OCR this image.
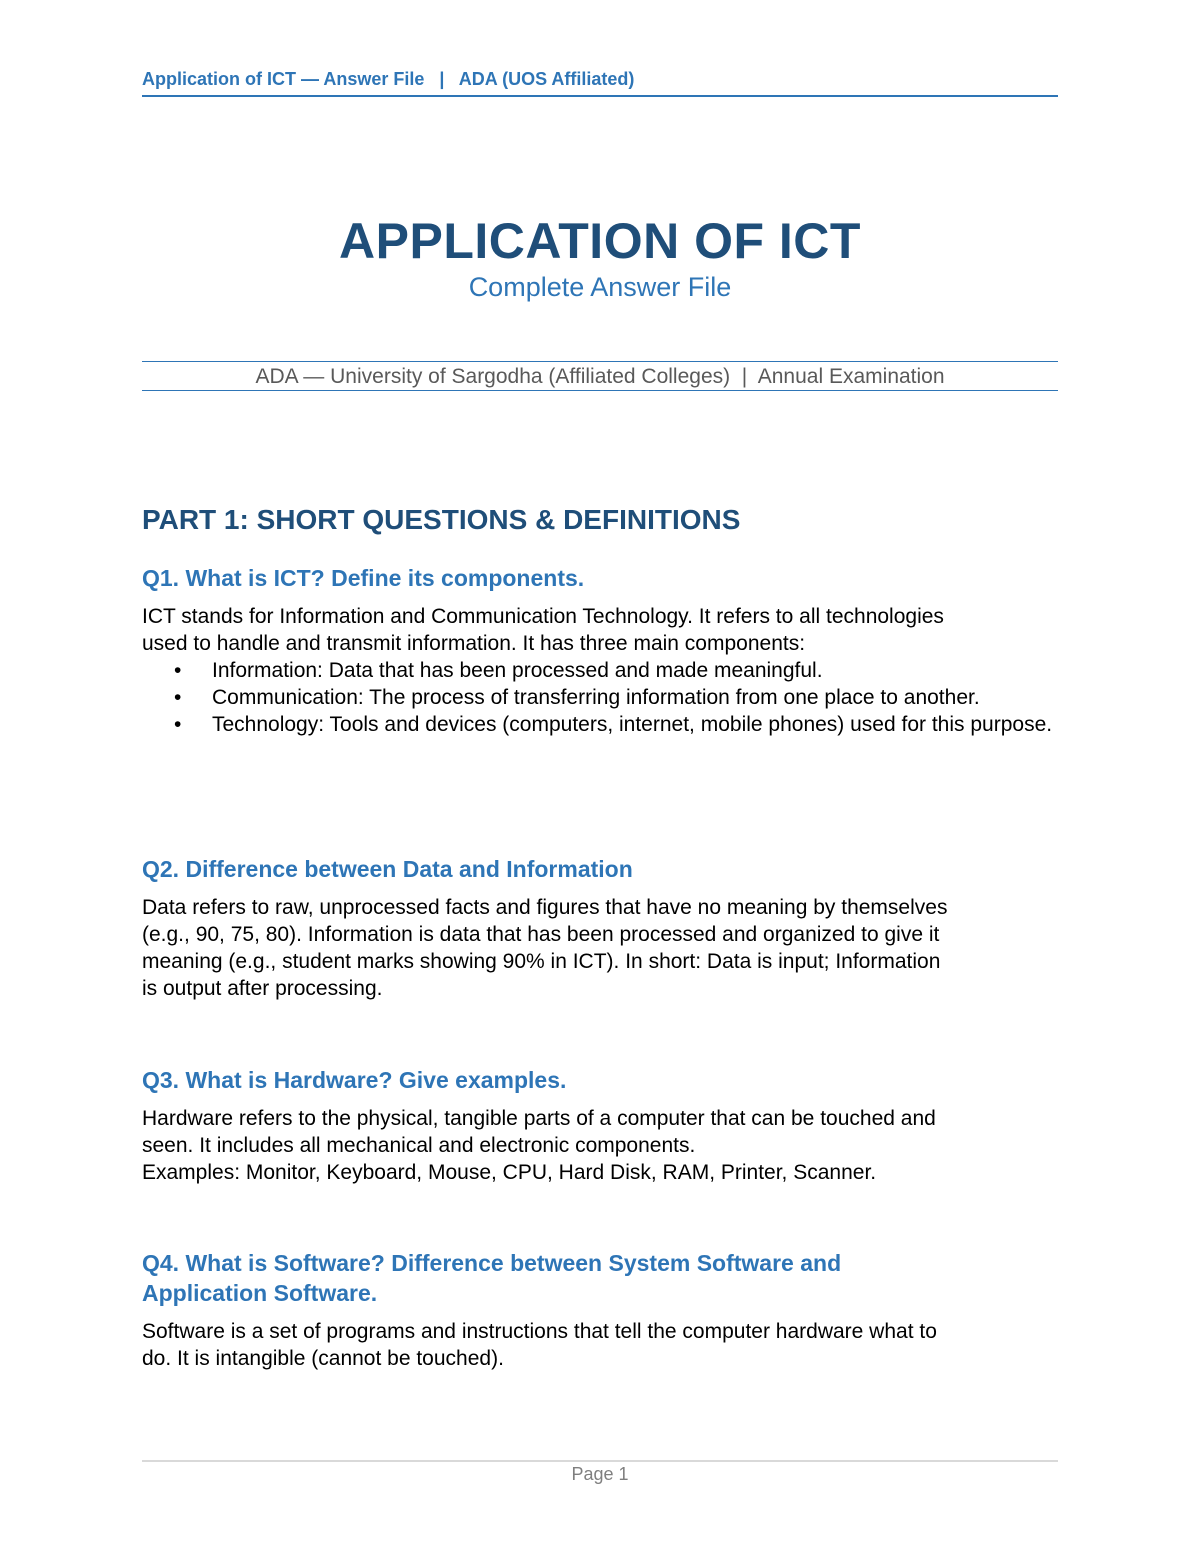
Application of ICT — Answer File | ADA (UOS Affiliated)
APPLICATION OF ICT
Complete Answer File
ADA — University of Sargodha (Affiliated Colleges)  |  Annual Examination
PART 1: SHORT QUESTIONS & DEFINITIONS
Q1. What is ICT? Define its components.
ICT stands for Information and Communication Technology. It refers to all technologies
used to handle and transmit information. It has three main components:
• Information: Data that has been processed and made meaningful.
• Communication: The process of transferring information from one place to another.
• Technology: Tools and devices (computers, internet, mobile phones) used for this purpose.
Q2. Difference between Data and Information
Data refers to raw, unprocessed facts and figures that have no meaning by themselves
(e.g., 90, 75, 80). Information is data that has been processed and organized to give it
meaning (e.g., student marks showing 90% in ICT). In short: Data is input; Information
is output after processing.
Q3. What is Hardware? Give examples.
Hardware refers to the physical, tangible parts of a computer that can be touched and
seen. It includes all mechanical and electronic components.
Examples: Monitor, Keyboard, Mouse, CPU, Hard Disk, RAM, Printer, Scanner.
Q4. What is Software? Difference between System Software and
Application Software.
Software is a set of programs and instructions that tell the computer hardware what to
do. It is intangible (cannot be touched).
Page 1
